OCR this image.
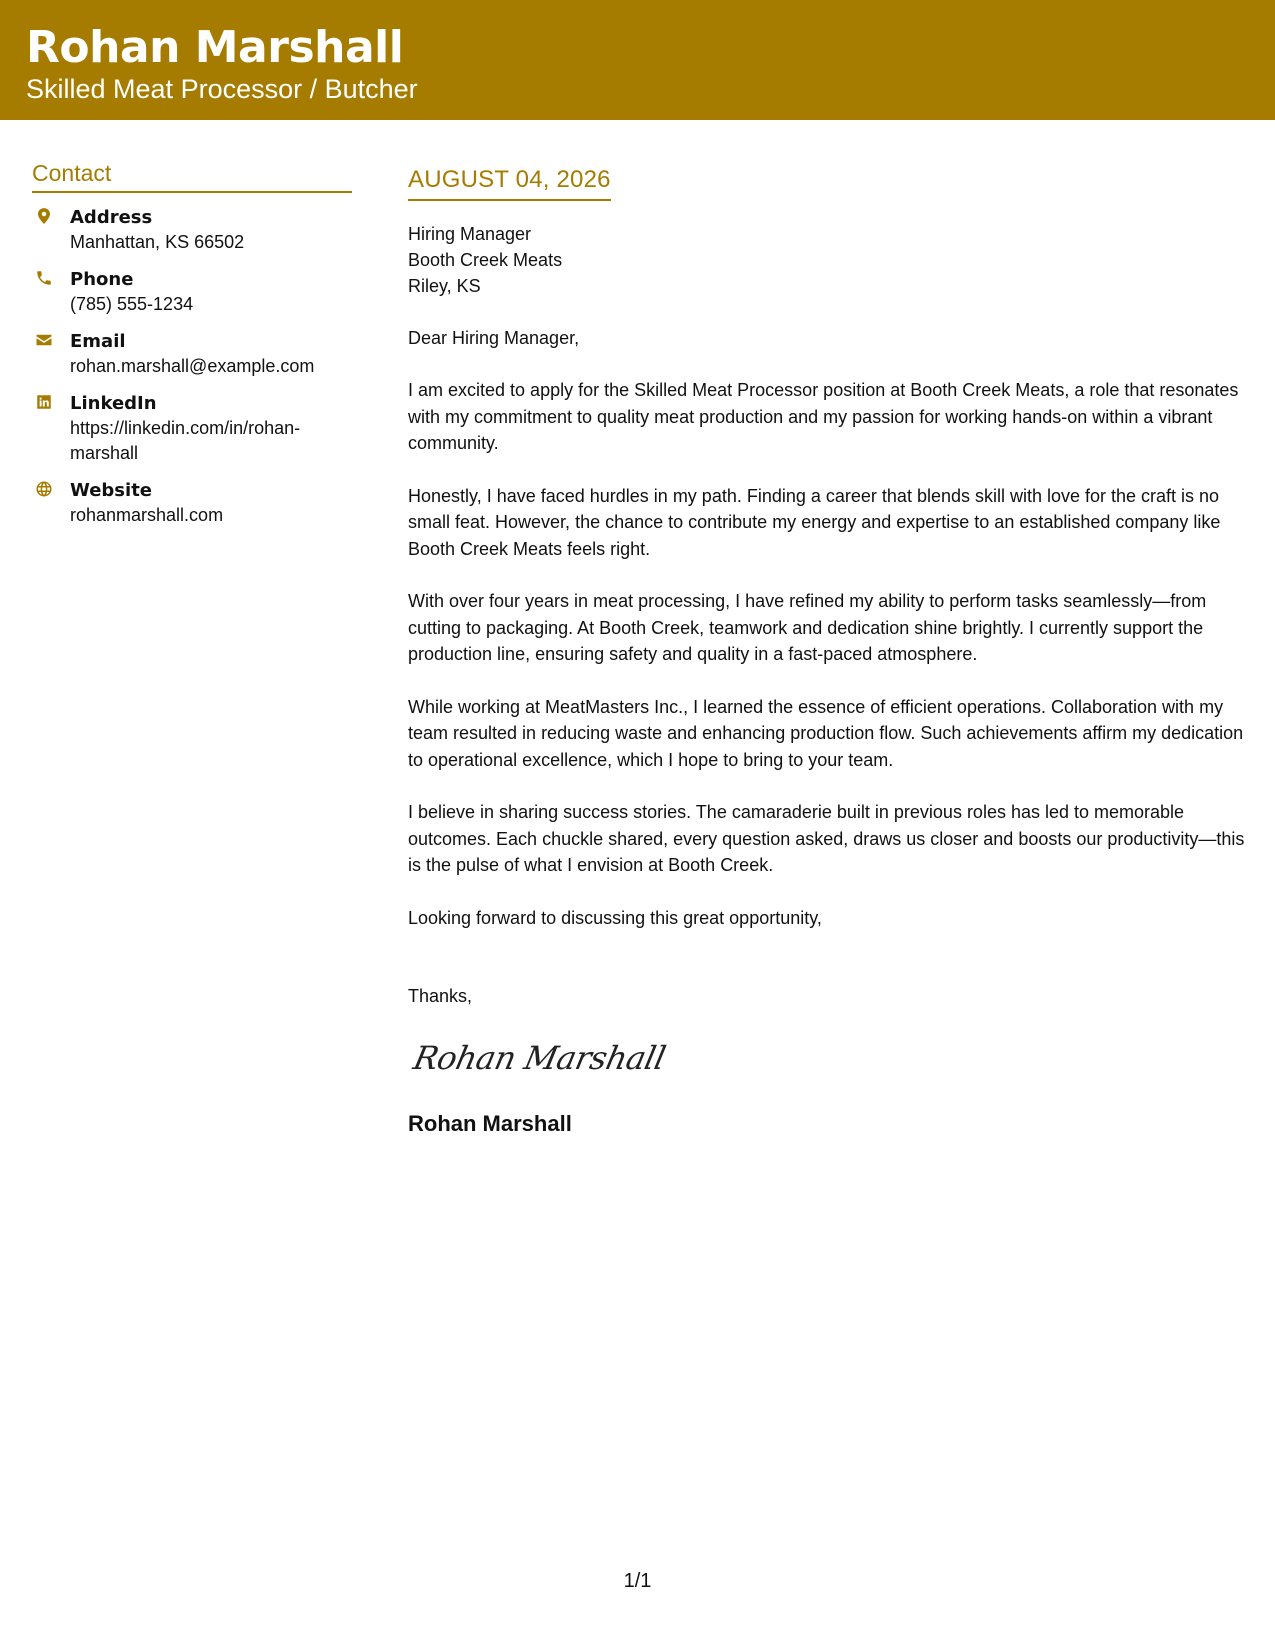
Rohan Marshall
Skilled Meat Processor / Butcher
Contact
Address
Manhattan, KS 66502
Phone
(785) 555-1234
Email
rohan.marshall@example.com
LinkedIn
https://linkedin.com/in/rohan-marshall
Website
rohanmarshall.com
AUGUST 04, 2026
Hiring Manager
Booth Creek Meats
Riley, KS
Dear Hiring Manager,
I am excited to apply for the Skilled Meat Processor position at Booth Creek Meats, a role that resonates with my commitment to quality meat production and my passion for working hands-on within a vibrant community.
Honestly, I have faced hurdles in my path. Finding a career that blends skill with love for the craft is no small feat. However, the chance to contribute my energy and expertise to an established company like Booth Creek Meats feels right.
With over four years in meat processing, I have refined my ability to perform tasks seamlessly—from cutting to packaging. At Booth Creek, teamwork and dedication shine brightly. I currently support the production line, ensuring safety and quality in a fast-paced atmosphere.
While working at MeatMasters Inc., I learned the essence of efficient operations. Collaboration with my team resulted in reducing waste and enhancing production flow. Such achievements affirm my dedication to operational excellence, which I hope to bring to your team.
I believe in sharing success stories. The camaraderie built in previous roles has led to memorable outcomes. Each chuckle shared, every question asked, draws us closer and boosts our productivity—this is the pulse of what I envision at Booth Creek.
Looking forward to discussing this great opportunity,
Thanks,
Rohan Marshall
Rohan Marshall
1/1
